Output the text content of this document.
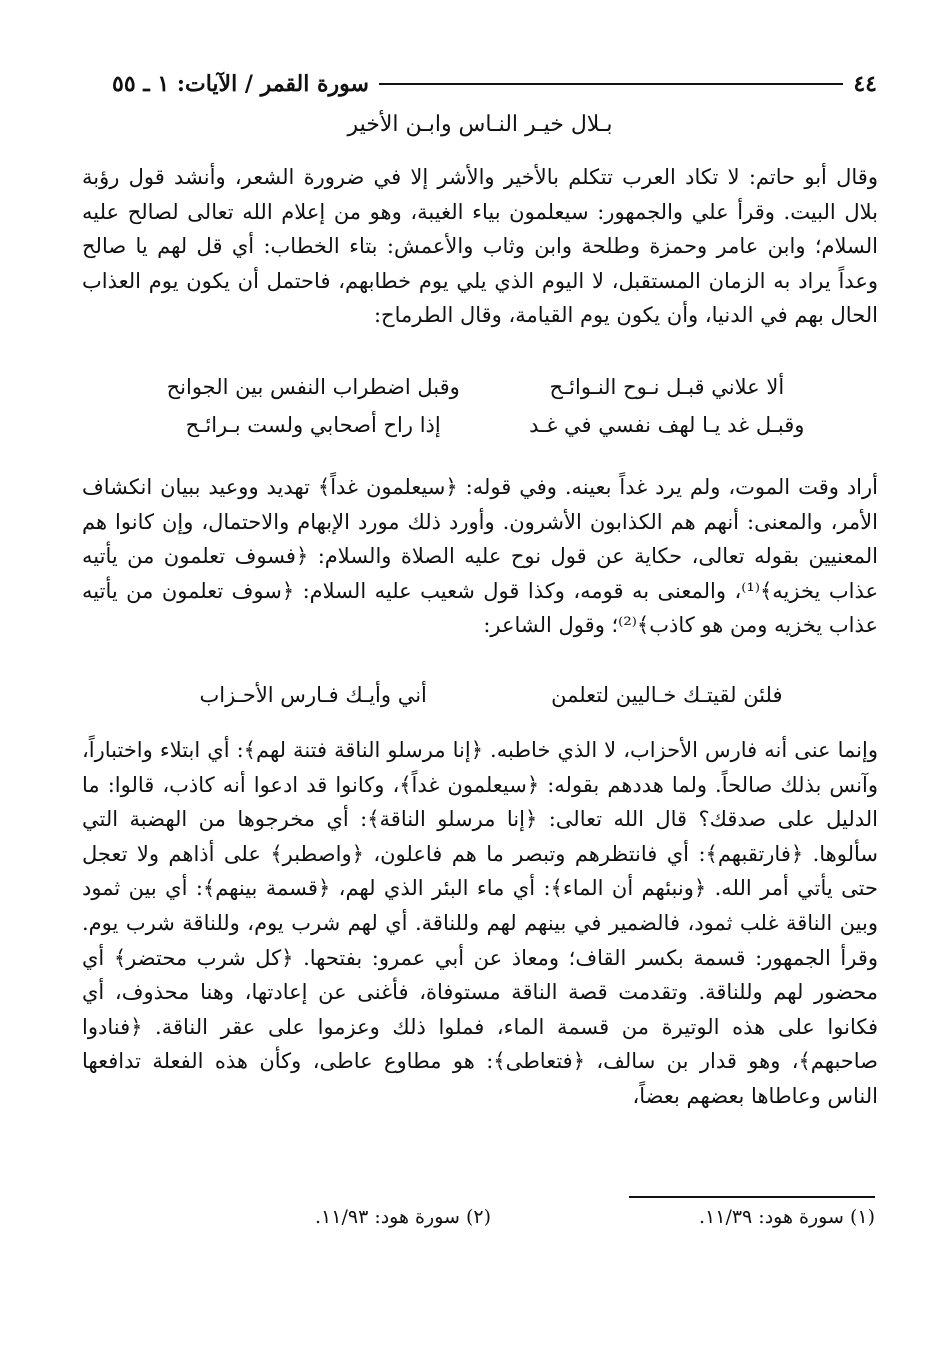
٤٤
سورة القمر / الآيات: ١ ـ ٥٥
بـلال خيـر النـاس وابـن الأخير
وقال أبو حاتم: لا تكاد العرب تتكلم بالأخير والأشر إلا في ضرورة الشعر، وأنشد قول رؤبة بلال البيت. وقرأ علي والجمهور: سيعلمون بياء الغيبة، وهو من إعلام الله تعالى لصالح عليه السلام؛ وابن عامر وحمزة وطلحة وابن وثاب والأعمش: بتاء الخطاب: أي قل لهم يا صالح وعداً يراد به الزمان المستقبل، لا اليوم الذي يلي يوم خطابهم، فاحتمل أن يكون يوم العذاب الحال بهم في الدنيا، وأن يكون يوم القيامة، وقال الطرماح:
ألا علاني قبـل نـوح النـوائـح
وقبل اضطراب النفس بين الجوانح
وقبـل غد يـا لهف نفسي في غـد
إذا راح أصحابي ولست بـرائـح
أراد وقت الموت، ولم يرد غداً بعينه. وفي قوله: ﴿سيعلمون غداً﴾ تهديد ووعيد ببيان انكشاف الأمر، والمعنى: أنهم هم الكذابون الأشرون. وأورد ذلك مورد الإبهام والاحتمال، وإن كانوا هم المعنيين بقوله تعالى، حكاية عن قول نوح عليه الصلاة والسلام: ﴿فسوف تعلمون من يأتيه عذاب يخزيه﴾⁽¹⁾، والمعنى به قومه، وكذا قول شعيب عليه السلام: ﴿سوف تعلمون من يأتيه عذاب يخزيه ومن هو كاذب﴾⁽²⁾؛ وقول الشاعر:
فلئن لقيتـك خـاليين لتعلمن
أني وأيـك فـارس الأحـزاب
وإنما عنى أنه فارس الأحزاب، لا الذي خاطبه. ﴿إنا مرسلو الناقة فتنة لهم﴾: أي ابتلاء واختباراً، وآنس بذلك صالحاً. ولما هددهم بقوله: ﴿سيعلمون غداً﴾، وكانوا قد ادعوا أنه كاذب، قالوا: ما الدليل على صدقك؟ قال الله تعالى: ﴿إنا مرسلو الناقة﴾: أي مخرجوها من الهضبة التي سألوها. ﴿فارتقبهم﴾: أي فانتظرهم وتبصر ما هم فاعلون، ﴿واصطبر﴾ على أذاهم ولا تعجل حتى يأتي أمر الله. ﴿ونبئهم أن الماء﴾: أي ماء البئر الذي لهم، ﴿قسمة بينهم﴾: أي بين ثمود وبين الناقة غلب ثمود، فالضمير في بينهم لهم وللناقة. أي لهم شرب يوم، وللناقة شرب يوم. وقرأ الجمهور: قسمة بكسر القاف؛ ومعاذ عن أبي عمرو: بفتحها. ﴿كل شرب محتضر﴾ أي محضور لهم وللناقة. وتقدمت قصة الناقة مستوفاة، فأغنى عن إعادتها، وهنا محذوف، أي فكانوا على هذه الوتيرة من قسمة الماء، فملوا ذلك وعزموا على عقر الناقة. ﴿فنادوا صاحبهم﴾، وهو قدار بن سالف، ﴿فتعاطى﴾: هو مطاوع عاطى، وكأن هذه الفعلة تدافعها الناس وعاطاها بعضهم بعضاً،
(١) سورة هود: ١١/٣٩.
(٢) سورة هود: ١١/٩٣.
